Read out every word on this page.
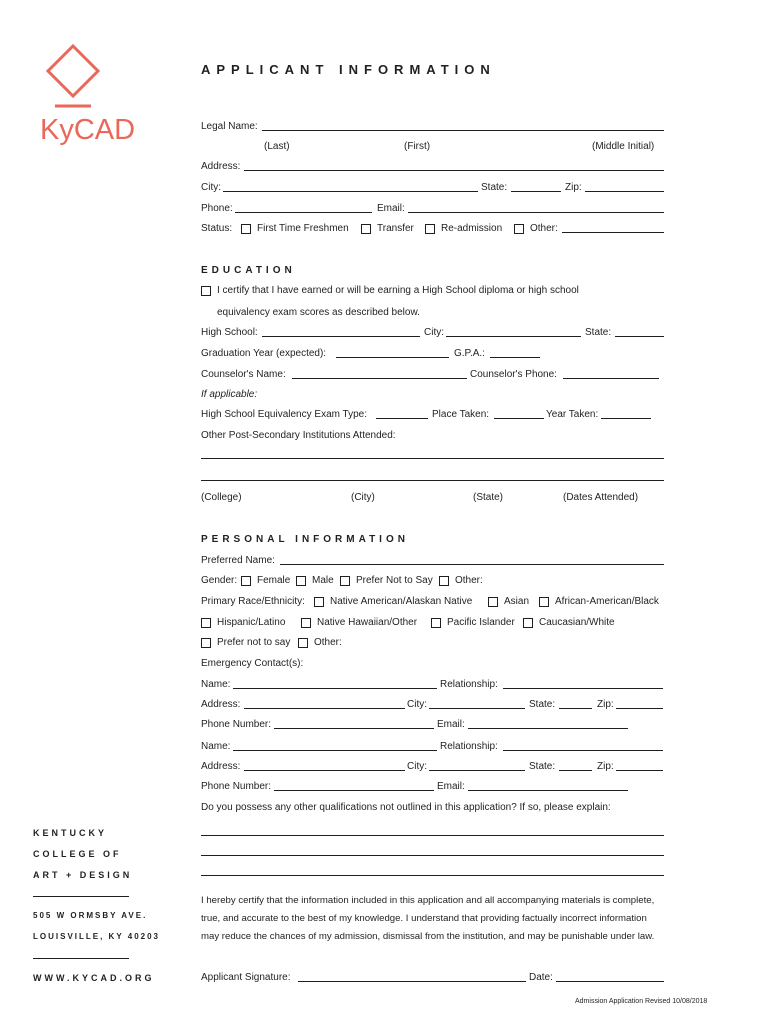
KyCAD
KENTUCKY
COLLEGE OF
ART + DESIGN
505 W ORMSBY AVE.
LOUISVILLE, KY 40203
WWW.KYCAD.ORG
APPLICANT INFORMATION
Legal Name:
(Last)	(First)	(Middle Initial)
Address:
City:	State:	Zip:
Phone:	Email:
Status: First Time Freshmen	Transfer	Re-admission	Other:
EDUCATION
I certify that I have earned or will be earning a High School diploma or high school
equivalency exam scores as described below.
High School:	City:	State:
Graduation Year (expected):	G.P.A.:
Counselor's Name:	Counselor's Phone:
If applicable:
High School Equivalency Exam Type:	Place Taken:	Year Taken:
Other Post-Secondary Institutions Attended:
(College)	(City)	(State)	(Dates Attended)
PERSONAL INFORMATION
Preferred Name:
Gender: Female Male Prefer Not to Say Other:
Primary Race/Ethnicity:	Native American/Alaskan Native	Asian	African-American/Black
Hispanic/Latino	Native Hawaiian/Other	Pacific Islander Caucasian/White
Prefer not to say Other:
Emergency Contact(s):
Name:	Relationship:
Address:	City:	State:	Zip:
Phone Number:	Email:
Name:	Relationship:
Address:	City:	State:	Zip:
Phone Number:	Email:
Do you possess any other qualifications not outlined in this application? If so, please explain:
I hereby certify that the information included in this application and all accompanying materials is complete,
true, and accurate to the best of my knowledge. I understand that providing factually incorrect information
may reduce the chances of my admission, dismissal from the institution, and may be punishable under law.
Applicant Signature:	Date:
Admission Application Revised 10/08/2018
